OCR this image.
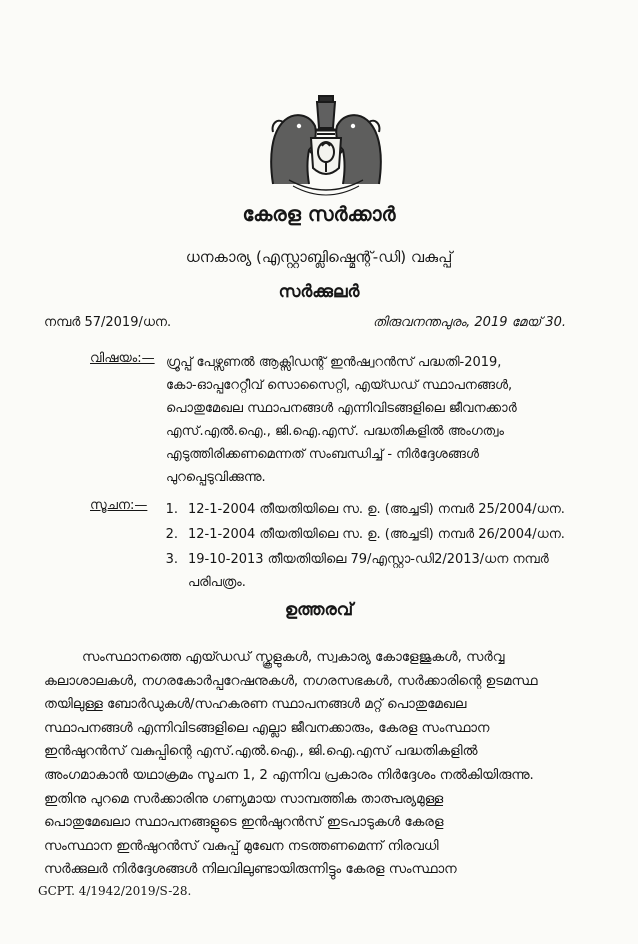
കേരള സർക്കാർ
ധനകാര്യ (എസ്റ്റാബ്ലിഷ്മെന്റ്-ഡി) വകുപ്പ്
സർക്കുലർ
നമ്പർ 57/2019/ധന.	തിരുവനന്തപുരം, 2019 മേയ് 30.
വിഷയം:— ഗ്രൂപ്പ് പേഴ്സണൽ ആക്സിഡന്റ് ഇൻഷ്വറൻസ് പദ്ധതി-2019,
കോ-ഓപ്പറേറ്റീവ് സൊസൈറ്റി, എയ്ഡഡ് സ്ഥാപനങ്ങൾ,
പൊതുമേഖല സ്ഥാപനങ്ങൾ എന്നിവിടങ്ങളിലെ ജീവനക്കാർ
എസ്.എൽ.ഐ., ജി.ഐ.എസ്. പദ്ധതികളിൽ അംഗത്വം
എടുത്തിരിക്കണമെന്നത് സംബന്ധിച്ച് - നിർദ്ദേശങ്ങൾ
പുറപ്പെടുവിക്കുന്നു.
സൂചന:—	1. 12-1-2004 തീയതിയിലെ സ. ഉ. (അച്ചടി) നമ്പർ 25/2004/ധന.
2. 12-1-2004 തീയതിയിലെ സ. ഉ. (അച്ചടി) നമ്പർ 26/2004/ധന.
3. 19-10-2013 തീയതിയിലെ 79/എസ്റ്റാ-ഡി2/2013/ധന നമ്പർ
പരിപത്രം.
ഉത്തരവ്
സംസ്ഥാനത്തെ എയ്ഡഡ് സ്കൂളുകൾ, സ്വകാര്യ കോളേജുകൾ, സർവ്വ
കലാശാലകൾ, നഗരകോർപ്പറേഷനുകൾ, നഗരസഭകൾ, സർക്കാരിന്റെ ഉടമസ്ഥ
തയിലുള്ള ബോർഡുകൾ/സഹകരണ സ്ഥാപനങ്ങൾ മറ്റ് പൊതുമേഖല
സ്ഥാപനങ്ങൾ എന്നിവിടങ്ങളിലെ എല്ലാ ജീവനക്കാരും, കേരള സംസ്ഥാന
ഇൻഷുറൻസ് വകുപ്പിന്റെ എസ്.എൽ.ഐ., ജി.ഐ.എസ് പദ്ധതികളിൽ
അംഗമാകാൻ യഥാക്രമം സൂചന 1, 2 എന്നിവ പ്രകാരം നിർദ്ദേശം നൽകിയിരുന്നു.
ഇതിനു പുറമെ സർക്കാരിനു ഗണ്യമായ സാമ്പത്തിക താത്പര്യമുള്ള
പൊതുമേഖലാ സ്ഥാപനങ്ങളുടെ ഇൻഷുറൻസ് ഇടപാടുകൾ കേരള
സംസ്ഥാന ഇൻഷുറൻസ് വകുപ്പ് മുഖേന നടത്തണമെന്ന് നിരവധി
സർക്കുലർ നിർദ്ദേശങ്ങൾ നിലവിലുണ്ടായിരുന്നിട്ടും കേരള സംസ്ഥാന
GCPT. 4/1942/2019/S-28.
